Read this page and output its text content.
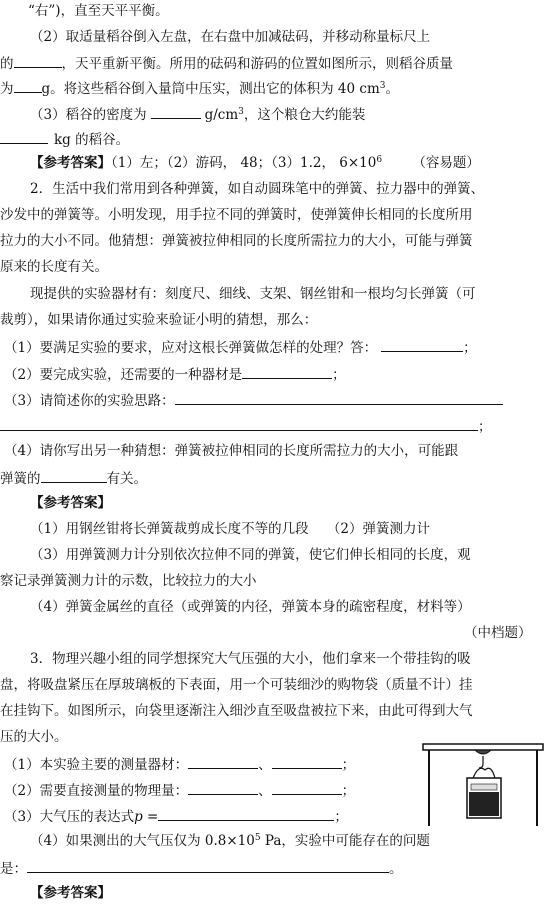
“右”)，直至天平平衡。
（2）取适量稻谷倒入左盘，在右盘中加减砝码，并移动称量标尺上
的	，天平重新平衡。所用的砝码和游码的位置如图所示，则稻谷质量
为 g。将这些稻谷倒入量筒中压实，测出它的体积为 40 $cm^3$。
（3）稻谷的密度为	$g/cm^3$，这个粮仓大约能装
kg 的稻谷。
【参考答案】（1）左；（2）游码， 48；（3）1.2， $6\times 10^6$ （容易题）
2．生活中我们常用到各种弹簧，如自动圆珠笔中的弹簧、拉力器中的弹簧、
沙发中的弹簧等。小明发现，用手拉不同的弹簧时，使弹簧伸长相同的长度所用
拉力的大小不同。他猜想：弹簧被拉伸相同的长度所需拉力的大小，可能与弹簧
原来的长度有关。
现提供的实验器材有：刻度尺、细线、支架、钢丝钳和一根均匀长弹簧（可
裁剪），如果请你通过实验来验证小明的猜想，那么：
（1）要满足实验的要求，应对这根长弹簧做怎样的处理？答：	；
（2）要完成实验，还需要的一种器材是	；
（3）请简述你的实验思路：
；
（4）请你写出另一种猜想：弹簧被拉伸相同的长度所需拉力的大小，可能跟
弹簧的	有关。
【参考答案】
（1）用钢丝钳将长弹簧裁剪成长度不等的几段 （2）弹簧测力计
（3）用弹簧测力计分别依次拉伸不同的弹簧，使它们伸长相同的长度，观
察记录弹簧测力计的示数，比较拉力的大小
（4）弹簧金属丝的直径（或弹簧的内径，弹簧本身的疏密程度，材料等）
（中档题）
3．物理兴趣小组的同学想探究大气压强的大小，他们拿来一个带挂钩的吸
盘，将吸盘紧压在厚玻璃板的下表面，用一个可装细沙的购物袋（质量不计）挂
在挂钩下。如图所示，向袋里逐渐注入细沙直至吸盘被拉下来，由此可得到大气
压的大小。
（1）本实验主要的测量器材：	、	；
（2）需要直接测量的物理量：	、	；
（3）大气压的表达式p =	；
（4）如果测出的大气压仅为 $0.8\times 10^5$ Pa，实验中可能存在的问题
是：	。
【参考答案】
